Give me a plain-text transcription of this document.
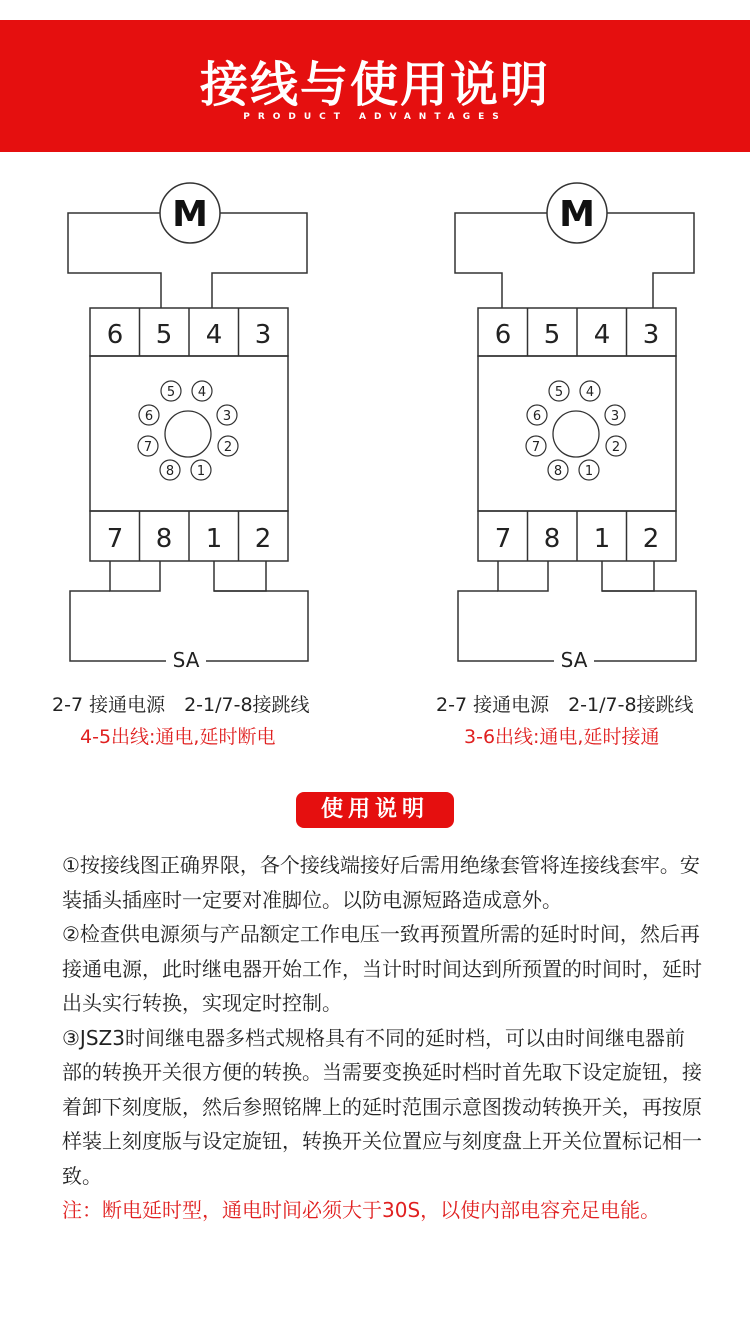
接线与使用说明
PRODUCT ADVANTAGES
M
6 5 4 3
7 8 1 2
5 4
6	3
7	2
8 1
SA
M
6 5 4 3
7 8 1 2
5 4
6	3
7	2
8 1
SA
2-7 接通电源　2-1/7-8接跳线
4-5出线:通电,延时断电
2-7 接通电源　2-1/7-8接跳线
3-6出线:通电,延时接通
使用说明

①按接线图正确界限，各个接线端接好后需用绝缘套管将连接线套牢。安装插头插座时一定要对准脚位。以防电源短路造成意外。

②检查供电源须与产品额定工作电压一致再预置所需的延时时间，然后再接通电源，此时继电器开始工作，当计时时间达到所预置的时间时，延时出头实行转换，实现定时控制。

③JSZ3时间继电器多档式规格具有不同的延时档，可以由时间继电器前部的转换开关很方便的转换。当需要变换延时档时首先取下设定旋钮，接着卸下刻度版，然后参照铭牌上的延时范围示意图拨动转换开关，再按原样装上刻度版与设定旋钮，转换开关位置应与刻度盘上开关位置标记相一致。

注：断电延时型，通电时间必须大于30S，以使内部电容充足电能。
